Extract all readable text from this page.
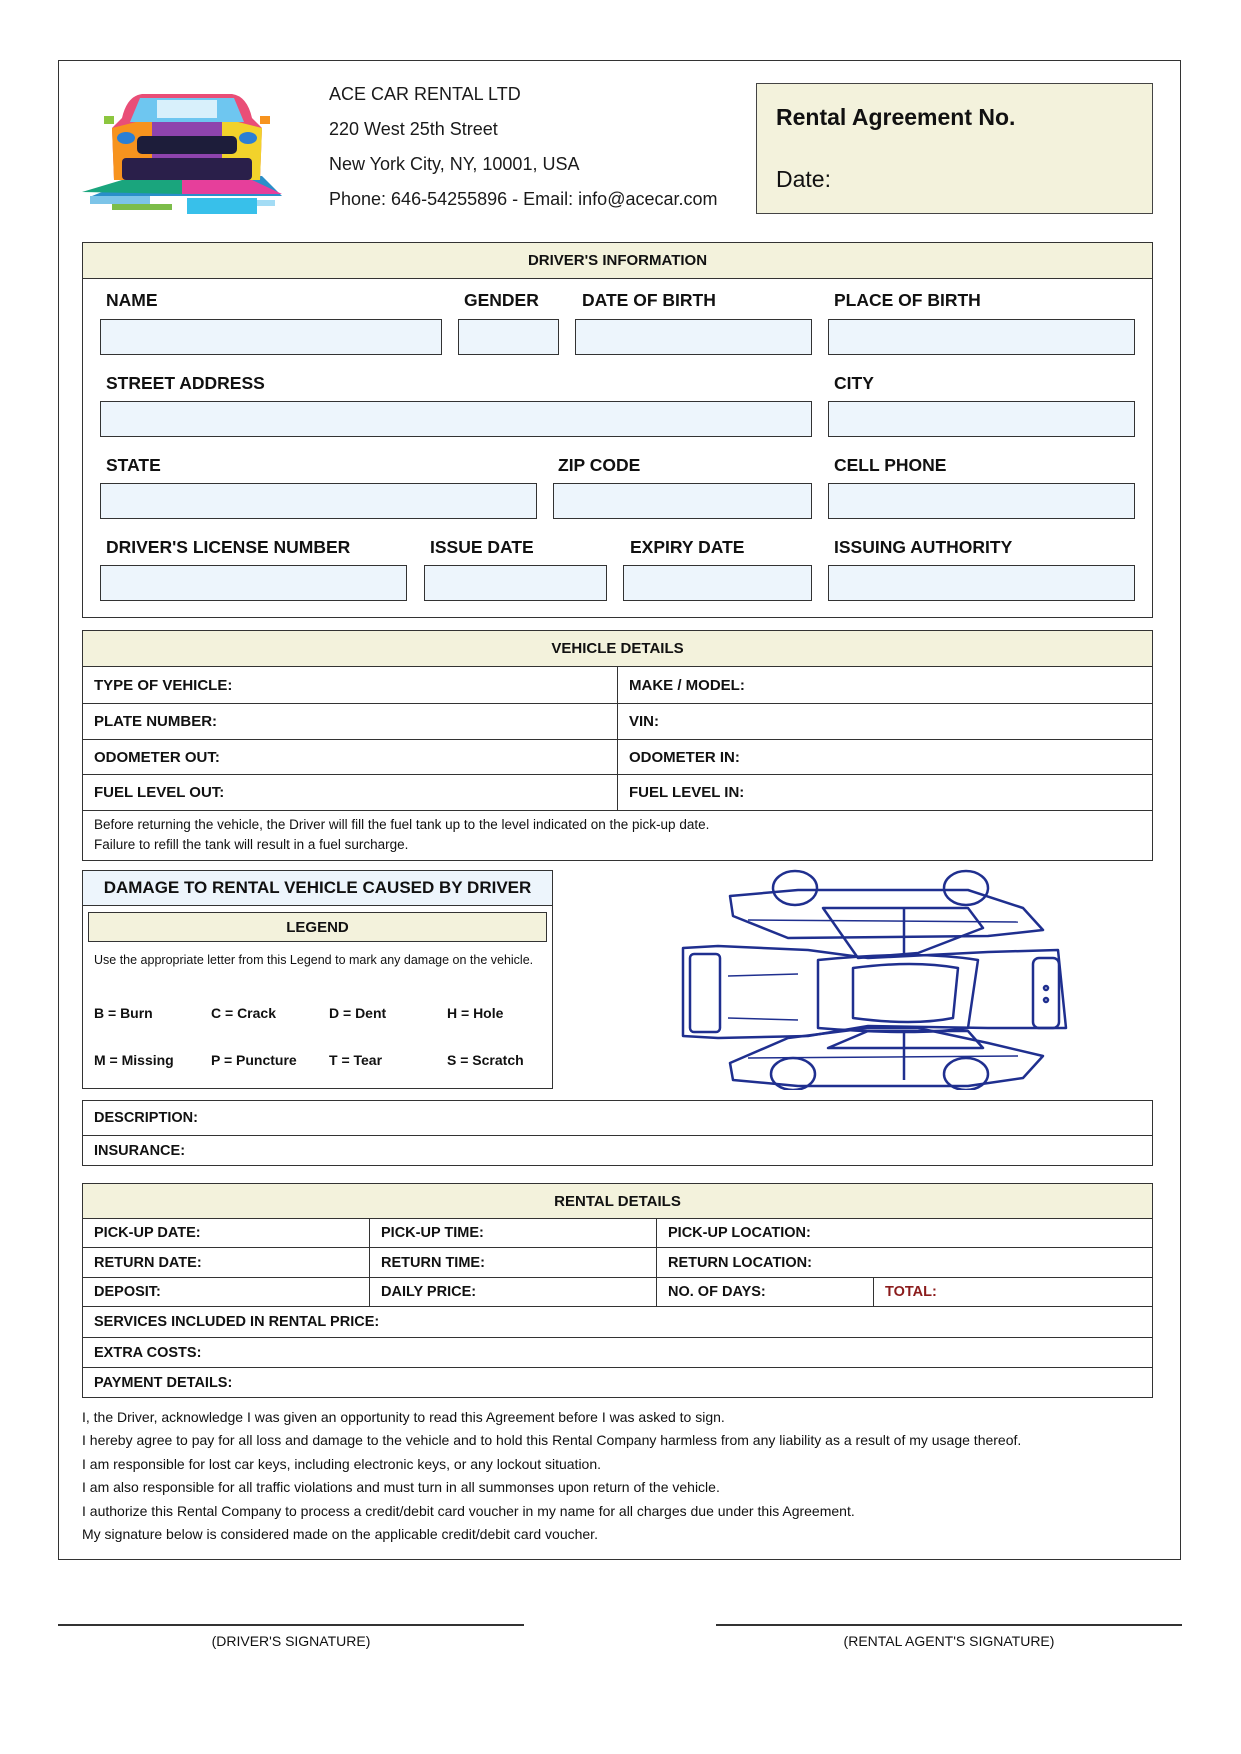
ACE CAR RENTAL LTD
220 West 25th Street
New York City, NY, 10001, USA
Phone: 646-54255896 - Email: info@acecar.com
Rental Agreement No.
Date:
DRIVER'S INFORMATION
NAME	GENDER DATE OF BIRTH	PLACE OF BIRTH
STREET ADDRESS	CITY
STATE	ZIP CODE	CELL PHONE
DRIVER'S LICENSE NUMBER	ISSUE DATE	EXPIRY DATE	ISSUING AUTHORITY
VEHICLE DETAILS
TYPE OF VEHICLE:	MAKE / MODEL:
PLATE NUMBER:	VIN:
ODOMETER OUT:	ODOMETER IN:
FUEL LEVEL OUT:	FUEL LEVEL IN:
Before returning the vehicle, the Driver will fill the fuel tank up to the level indicated on the pick-up date.
Failure to refill the tank will result in a fuel surcharge.
DAMAGE TO RENTAL VEHICLE CAUSED BY DRIVER
LEGEND
Use the appropriate letter from this Legend to mark any damage on the vehicle.
B = Burn	C = Crack	D = Dent	H = Hole
M = Missing	P = Puncture T = Tear	S = Scratch
DESCRIPTION:
INSURANCE:
RENTAL DETAILS
PICK-UP DATE:	PICK-UP TIME:	PICK-UP LOCATION:
RETURN DATE:	RETURN TIME:	RETURN LOCATION:
DEPOSIT:	DAILY PRICE:	NO. OF DAYS:	TOTAL:
SERVICES INCLUDED IN RENTAL PRICE:
EXTRA COSTS:
PAYMENT DETAILS:
I, the Driver, acknowledge I was given an opportunity to read this Agreement before I was asked to sign.
I hereby agree to pay for all loss and damage to the vehicle and to hold this Rental Company harmless from any liability as a result of my usage thereof.
I am responsible for lost car keys, including electronic keys, or any lockout situation.
I am also responsible for all traffic violations and must turn in all summonses upon return of the vehicle.
I authorize this Rental Company to process a credit/debit card voucher in my name for all charges due under this Agreement.
My signature below is considered made on the applicable credit/debit card voucher.
(DRIVER'S SIGNATURE)	(RENTAL AGENT'S SIGNATURE)
